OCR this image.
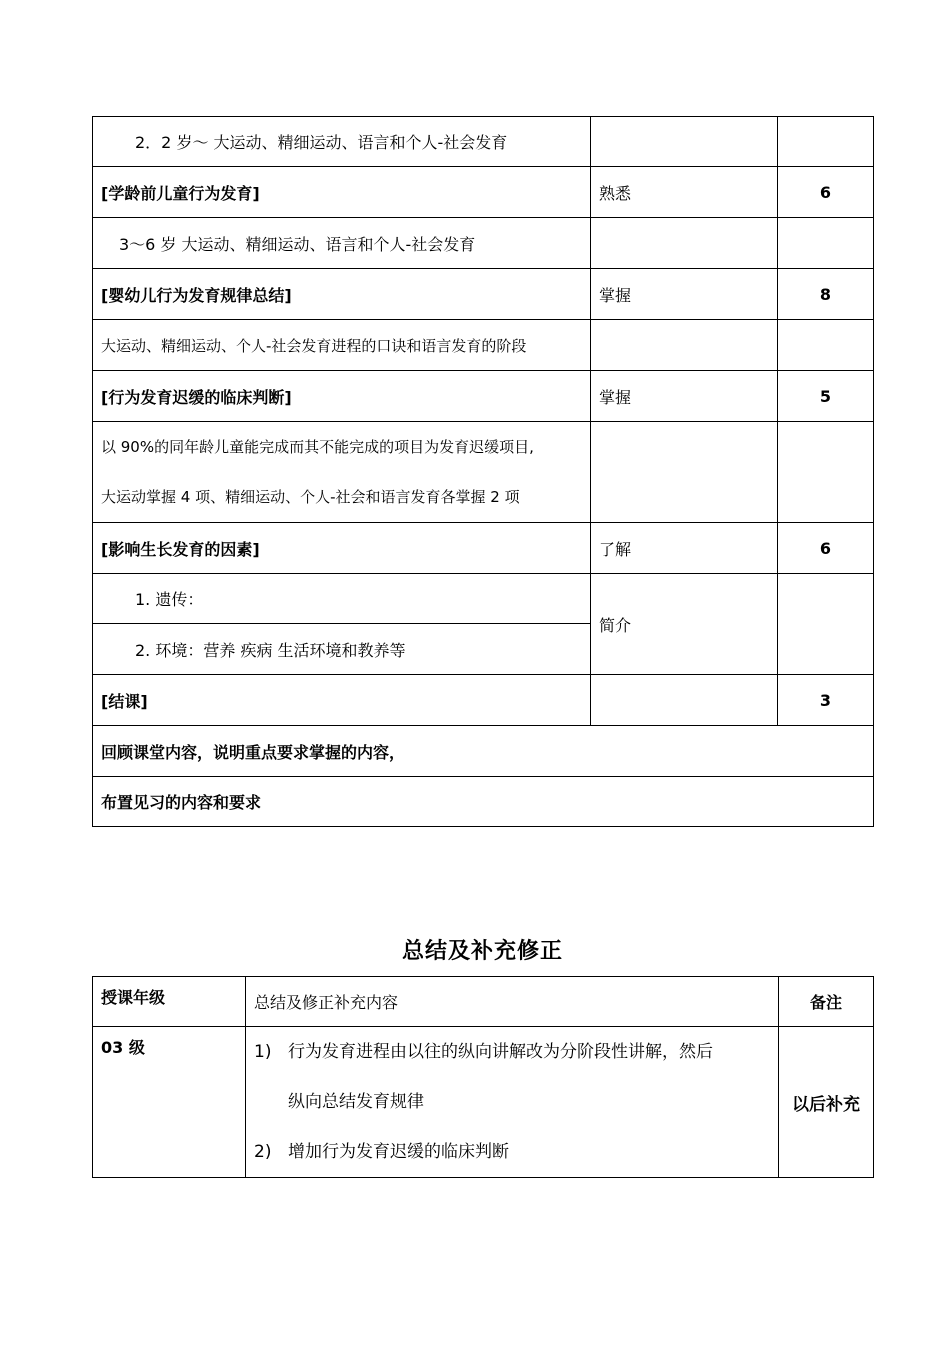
2．2 岁～ 大运动、精细运动、语言和个人-社会发育		
[学龄前儿童行为发育]	熟悉	6
3～6 岁 大运动、精细运动、语言和个人-社会发育		
[婴幼儿行为发育规律总结]	掌握	8
大运动、精细运动、个人-社会发育进程的口诀和语言发育的阶段		
[行为发育迟缓的临床判断]	掌握	5

以 90%的同年龄儿童能完成而其不能完成的项目为发育迟缓项目,
大运动掌握 4 项、精细运动、个人-社会和语言发育各掌握 2 项		

[影响生长发育的因素]	了解	6
1. 遗传：	简介	
2. 环境：营养 疾病 生活环境和教养等		
[结课]		3
回顾课堂内容，说明重点要求掌握的内容，		
布置见习的内容和要求		
总结及补充修正
授课年级	总结及修正补充内容	备注
03 级	1) 行为发育进程由以往的纵向讲解改为分阶段性讲解，然后
纵向总结发育规律
2) 增加行为发育迟缓的临床判断	以后补充
